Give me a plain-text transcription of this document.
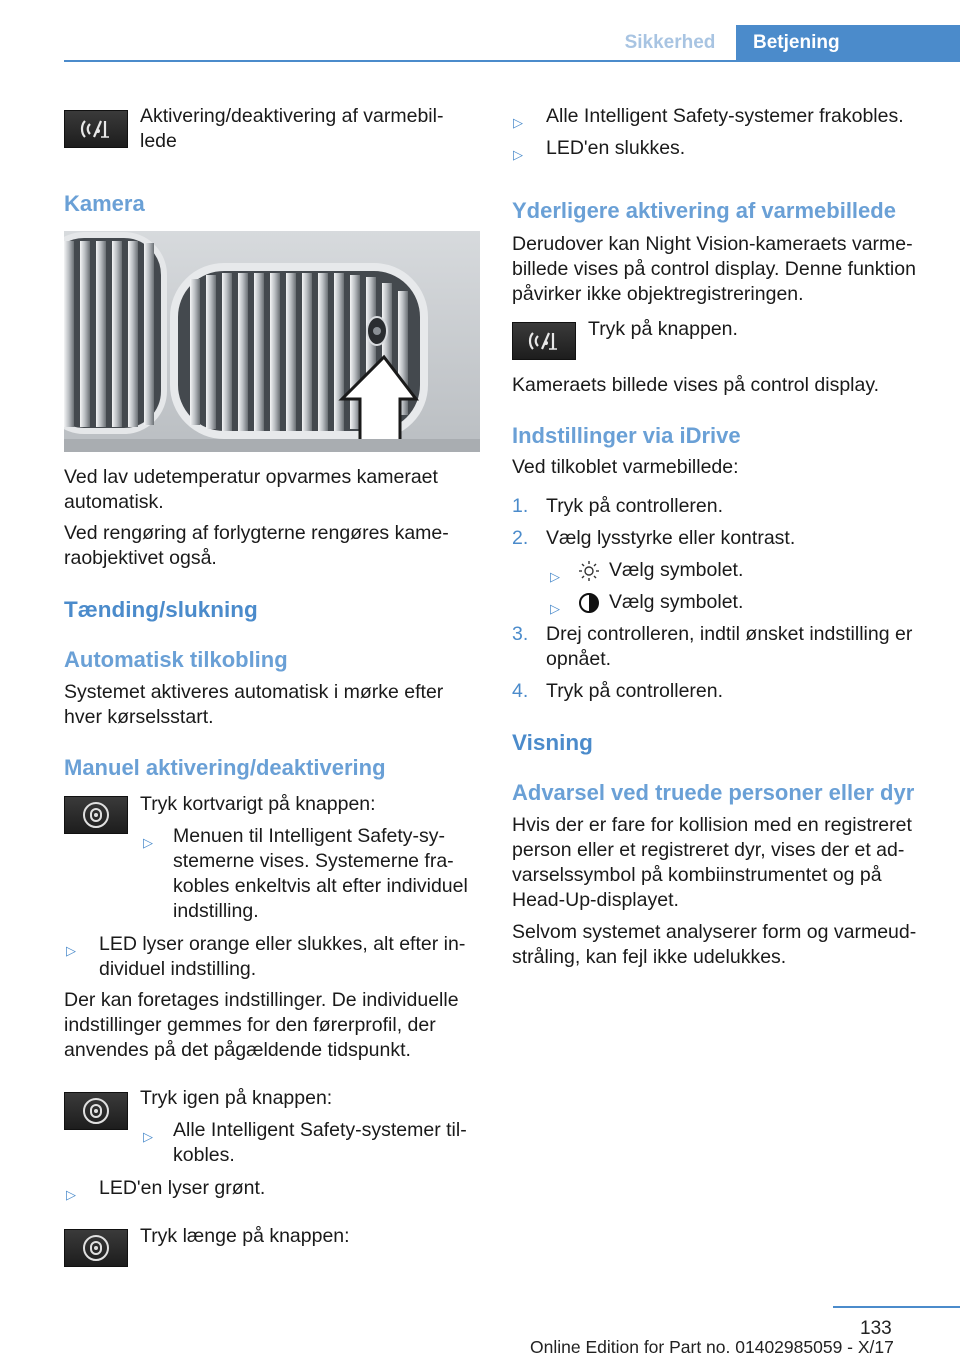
Sikkerhed	Betjening
Aktivering/deaktivering af varmebil-
lede
Kamera
Ved lav udetemperatur opvarmes kameraet
automatisk.
Ved rengøring af forlygterne rengøres kame-
raobjektivet også.
Tænding/slukning
Automatisk tilkobling
Systemet aktiveres automatisk i mørke efter
hver kørselsstart.
Manuel aktivering/deaktivering
Tryk kortvarigt på knappen:
▷ Menuen til Intelligent Safety-sy-
stemerne vises. Systemerne fra-
kobles enkeltvis alt efter individuel
indstilling.
▷ LED lyser orange eller slukkes, alt efter in-
dividuel indstilling.
Der kan foretages indstillinger. De individuelle
indstillinger gemmes for den førerprofil, der
anvendes på det pågældende tidspunkt.
Tryk igen på knappen:
▷ Alle Intelligent Safety-systemer til-
kobles.
▷ LED'en lyser grønt.
Tryk længe på knappen:
▷ Alle Intelligent Safety-systemer frakobles.
▷ LED'en slukkes.
Yderligere aktivering af varmebillede
Derudover kan Night Vision-kameraets varme-
billede vises på control display. Denne funktion
påvirker ikke objektregistreringen.
Tryk på knappen.
Kameraets billede vises på control display.
Indstillinger via iDrive
Ved tilkoblet varmebillede:
1. Tryk på controlleren.
2. Vælg lysstyrke eller kontrast.
▷	Vælg symbolet.
▷	Vælg symbolet.
3. Drej controlleren, indtil ønsket indstilling er
opnået.
4. Tryk på controlleren.
Visning
Advarsel ved truede personer eller dyr
Hvis der er fare for kollision med en registreret
person eller et registreret dyr, vises der et ad-
varselssymbol på kombiinstrumentet og på
Head-Up-displayet.
Selvom systemet analyserer form og varmeud-
stråling, kan fejl ikke udelukkes.
133
Online Edition for Part no. 01402985059 - X/17
